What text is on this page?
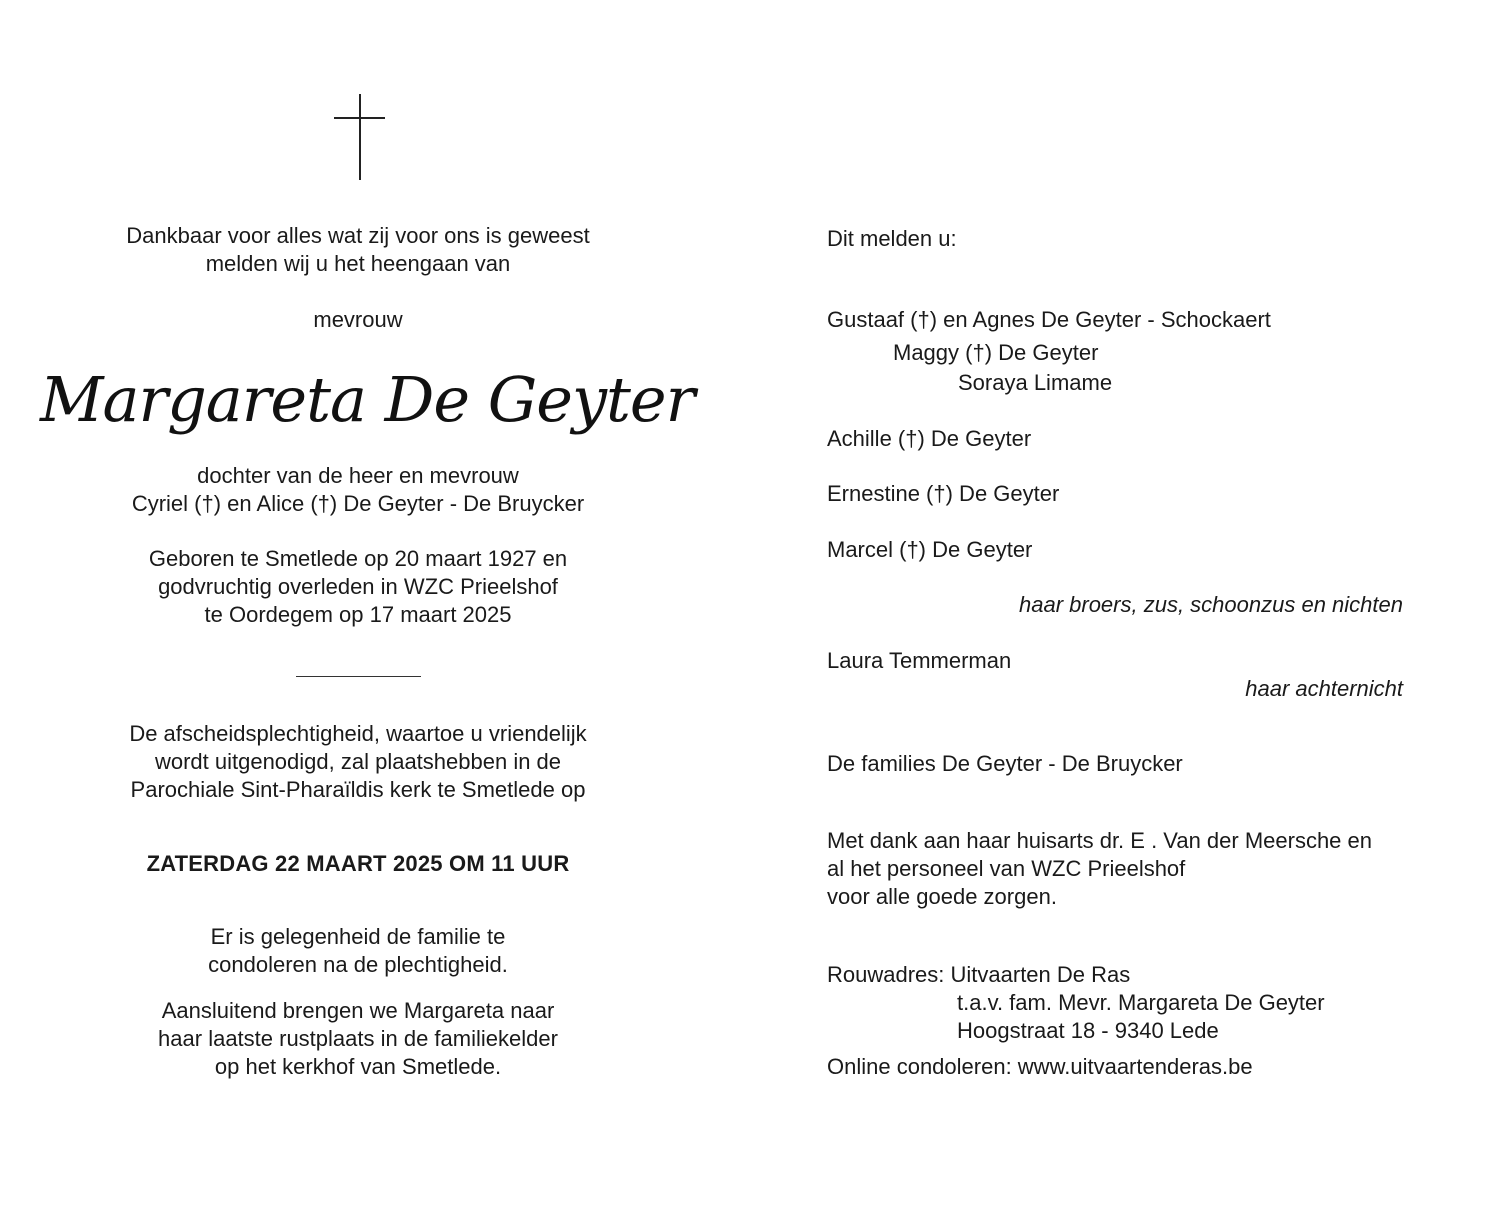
Dankbaar voor alles wat zij voor ons is geweest
melden wij u het heengaan van
mevrouw
Margareta De Geyter
dochter van de heer en mevrouw
Cyriel (†) en Alice (†) De Geyter - De Bruycker
Geboren te Smetlede op 20 maart 1927 en
godvruchtig overleden in WZC Prieelshof
te Oordegem op 17 maart 2025
De afscheidsplechtigheid, waartoe u vriendelijk
wordt uitgenodigd, zal plaatshebben in de
Parochiale Sint-Pharaïldis kerk te Smetlede op
ZATERDAG 22 MAART 2025 OM 11 UUR
Er is gelegenheid de familie te
condoleren na de plechtigheid.
Aansluitend brengen we Margareta naar
haar laatste rustplaats in de familiekelder
op het kerkhof van Smetlede.
Dit melden u:
Gustaaf (†) en Agnes De Geyter - Schockaert
Maggy (†) De Geyter
Soraya Limame
Achille (†) De Geyter
Ernestine (†) De Geyter
Marcel (†) De Geyter
haar broers, zus, schoonzus en nichten
Laura Temmerman
haar achternicht
De families De Geyter - De Bruycker
Met dank aan haar huisarts dr. E . Van der Meersche en
al het personeel van WZC Prieelshof
voor alle goede zorgen.
Rouwadres: Uitvaarten De Ras
t.a.v. fam. Mevr. Margareta De Geyter
Hoogstraat 18 - 9340 Lede
Online condoleren: www.uitvaartenderas.be
